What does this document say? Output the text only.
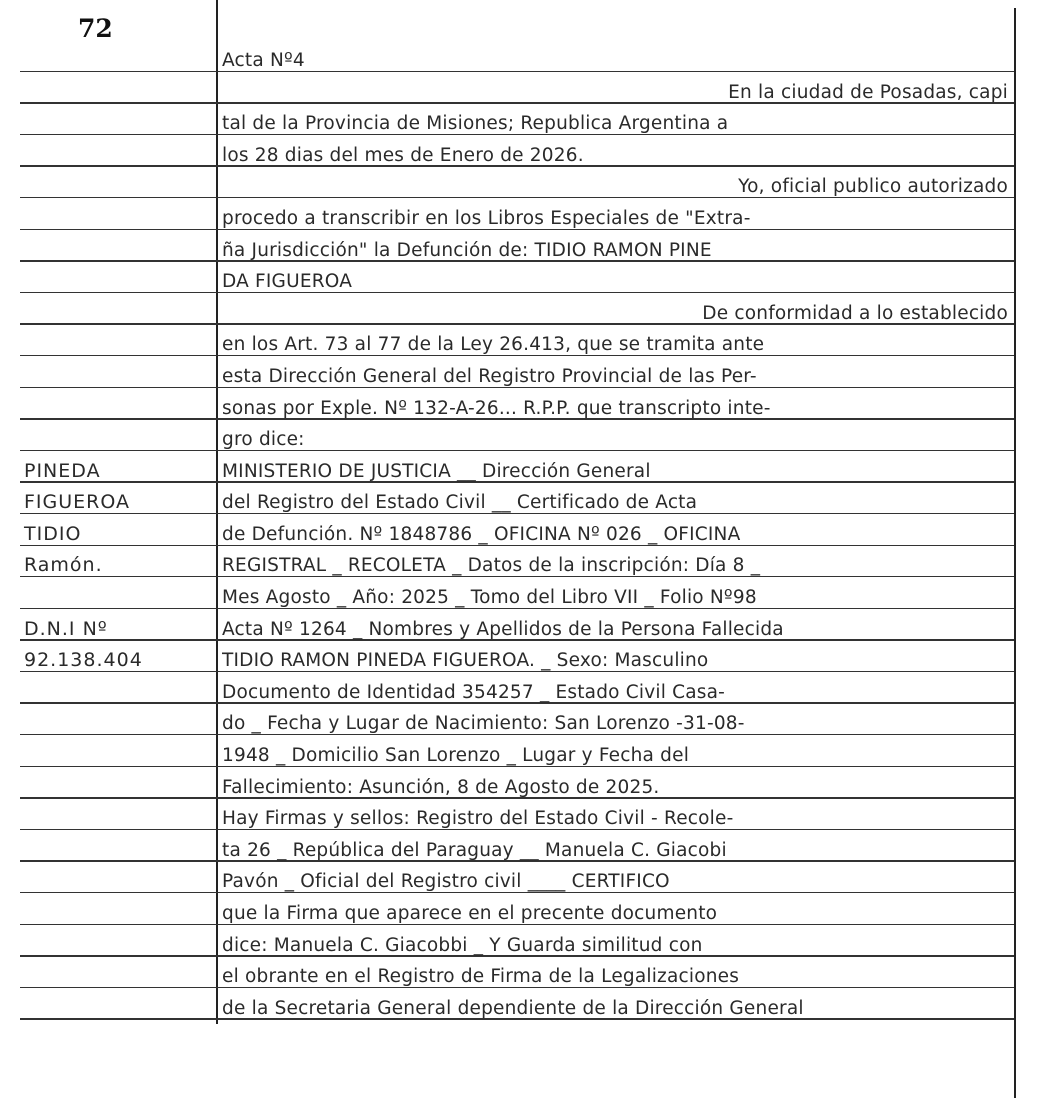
72
Acta Nº4
En la ciudad de Posadas, capi
tal de la Provincia de Misiones; Republica Argentina a
los 28 dias del mes de Enero de 2026.
Yo, oficial publico autorizado
procedo a transcribir en los Libros Especiales de "Extra-
ña Jurisdicción" la Defunción de: TIDIO RAMON PINE
DA FIGUEROA
De conformidad a lo establecido
en los Art. 73 al 77 de la Ley 26.413, que se tramita ante
esta Dirección General del Registro Provincial de las Per-
sonas por Exple. Nº 132-A-26... R.P.P. que transcripto inte-
gro dice:
PINEDA	MINISTERIO DE JUSTICIA __ Dirección General
FIGUEROA	del Registro del Estado Civil __ Certificado de Acta
TIDIO	de Defunción. Nº 1848786 _ OFICINA Nº 026 _ OFICINA
Ramón.	REGISTRAL _ RECOLETA _ Datos de la inscripción: Día 8 _
Mes Agosto _ Año: 2025 _ Tomo del Libro VII _ Folio Nº98
D.N.I Nº	Acta Nº 1264 _ Nombres y Apellidos de la Persona Fallecida
92.138.404	TIDIO RAMON PINEDA FIGUEROA. _ Sexo: Masculino
Documento de Identidad 354257 _ Estado Civil Casa-
do _ Fecha y Lugar de Nacimiento: San Lorenzo -31-08-
1948 _ Domicilio San Lorenzo _ Lugar y Fecha del
Fallecimiento: Asunción, 8 de Agosto de 2025.
Hay Firmas y sellos: Registro del Estado Civil - Recole-
ta 26 _ República del Paraguay __ Manuela C. Giacobi
Pavón _ Oficial del Registro civil ____ CERTIFICO
que la Firma que aparece en el precente documento
dice: Manuela C. Giacobbi _ Y Guarda similitud con
el obrante en el Registro de Firma de la Legalizaciones
de la Secretaria General dependiente de la Dirección General
